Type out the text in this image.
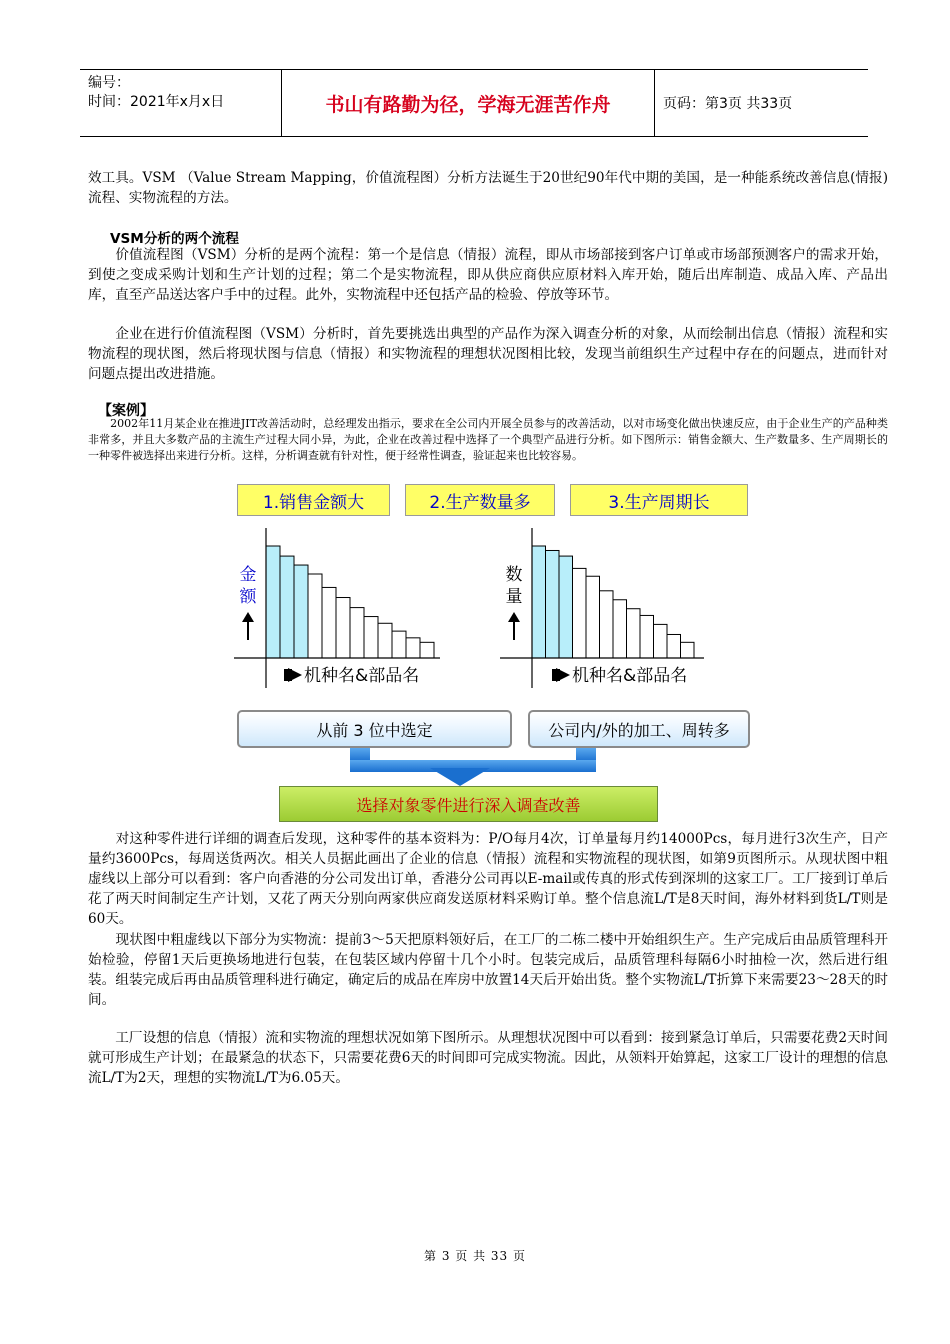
编号：
时间：2021年x月x日	书山有路勤为径，学海无涯苦作舟	页码：第3页 共33页

效工具。VSM （Value Stream Mapping，价值流程图）分析方法诞生于20世纪90年代中期的美国，是一种能系统改善信息(情报)流程、实物流程的方法。

VSM分析的两个流程

　　价值流程图（VSM）分析的是两个流程：第一个是信息（情报）流程，即从市场部接到客户订单或市场部预测客户的需求开始，到使之变成采购计划和生产计划的过程；第二个是实物流程，即从供应商供应原材料入库开始，随后出库制造、成品入库、产品出库，直至产品送达客户手中的过程。此外，实物流程中还包括产品的检验、停放等环节。

　　企业在进行价值流程图（VSM）分析时，首先要挑选出典型的产品作为深入调查分析的对象，从而绘制出信息（情报）流程和实物流程的现状图，然后将现状图与信息（情报）和实物流程的理想状况图相比较，发现当前组织生产过程中存在的问题点，进而针对问题点提出改进措施。

【案例】

　　2002年11月某企业在推进JIT改善活动时，总经理发出指示，要求在全公司内开展全员参与的改善活动，以对市场变化做出快速反应，由于企业生产的产品种类非常多，并且大多数产品的主流生产过程大同小异，为此，企业在改善过程中选择了一个典型产品进行分析。如下图所示：销售金额大、生产数量多、生产周期长的一种零件被选择出来进行分析。这样，分析调查就有针对性，便于经常性调查，验证起来也比较容易。

1.销售金额大	2.生产数量多	3.生产周期长
金
额
机种名&部品名
数
量
机种名&部品名
从前 3 位中选定	公司内/外的加工、周转多
选择对象零件进行深入调查改善

　　对这种零件进行详细的调查后发现，这种零件的基本资料为：P/O每月4次，订单量每月约14000Pcs，每月进行3次生产，日产量约3600Pcs，每周送货两次。相关人员据此画出了企业的信息（情报）流程和实物流程的现状图，如第9页图所示。从现状图中粗虚线以上部分可以看到：客户向香港的分公司发出订单，香港分公司再以E-mail或传真的形式传到深圳的这家工厂。工厂接到订单后花了两天时间制定生产计划，又花了两天分别向两家供应商发送原材料采购订单。整个信息流L/T是8天时间，海外材料到货L/T则是60天。

　　现状图中粗虚线以下部分为实物流：提前3～5天把原料领好后，在工厂的二栋二楼中开始组织生产。生产完成后由品质管理科开始检验，停留1天后更换场地进行包装，在包装区域内停留十几个小时。包装完成后，品质管理科每隔6小时抽检一次，然后进行组装。组装完成后再由品质管理科进行确定，确定后的成品在库房中放置14天后开始出货。整个实物流L/T折算下来需要23～28天的时间。

　　工厂设想的信息（情报）流和实物流的理想状况如第下图所示。从理想状况图中可以看到：接到紧急订单后，只需要花费2天时间就可形成生产计划；在最紧急的状态下，只需要花费6天的时间即可完成实物流。因此，从领料开始算起，这家工厂设计的理想的信息流L/T为2天，理想的实物流L/T为6.05天。

第 3 页 共 33 页
